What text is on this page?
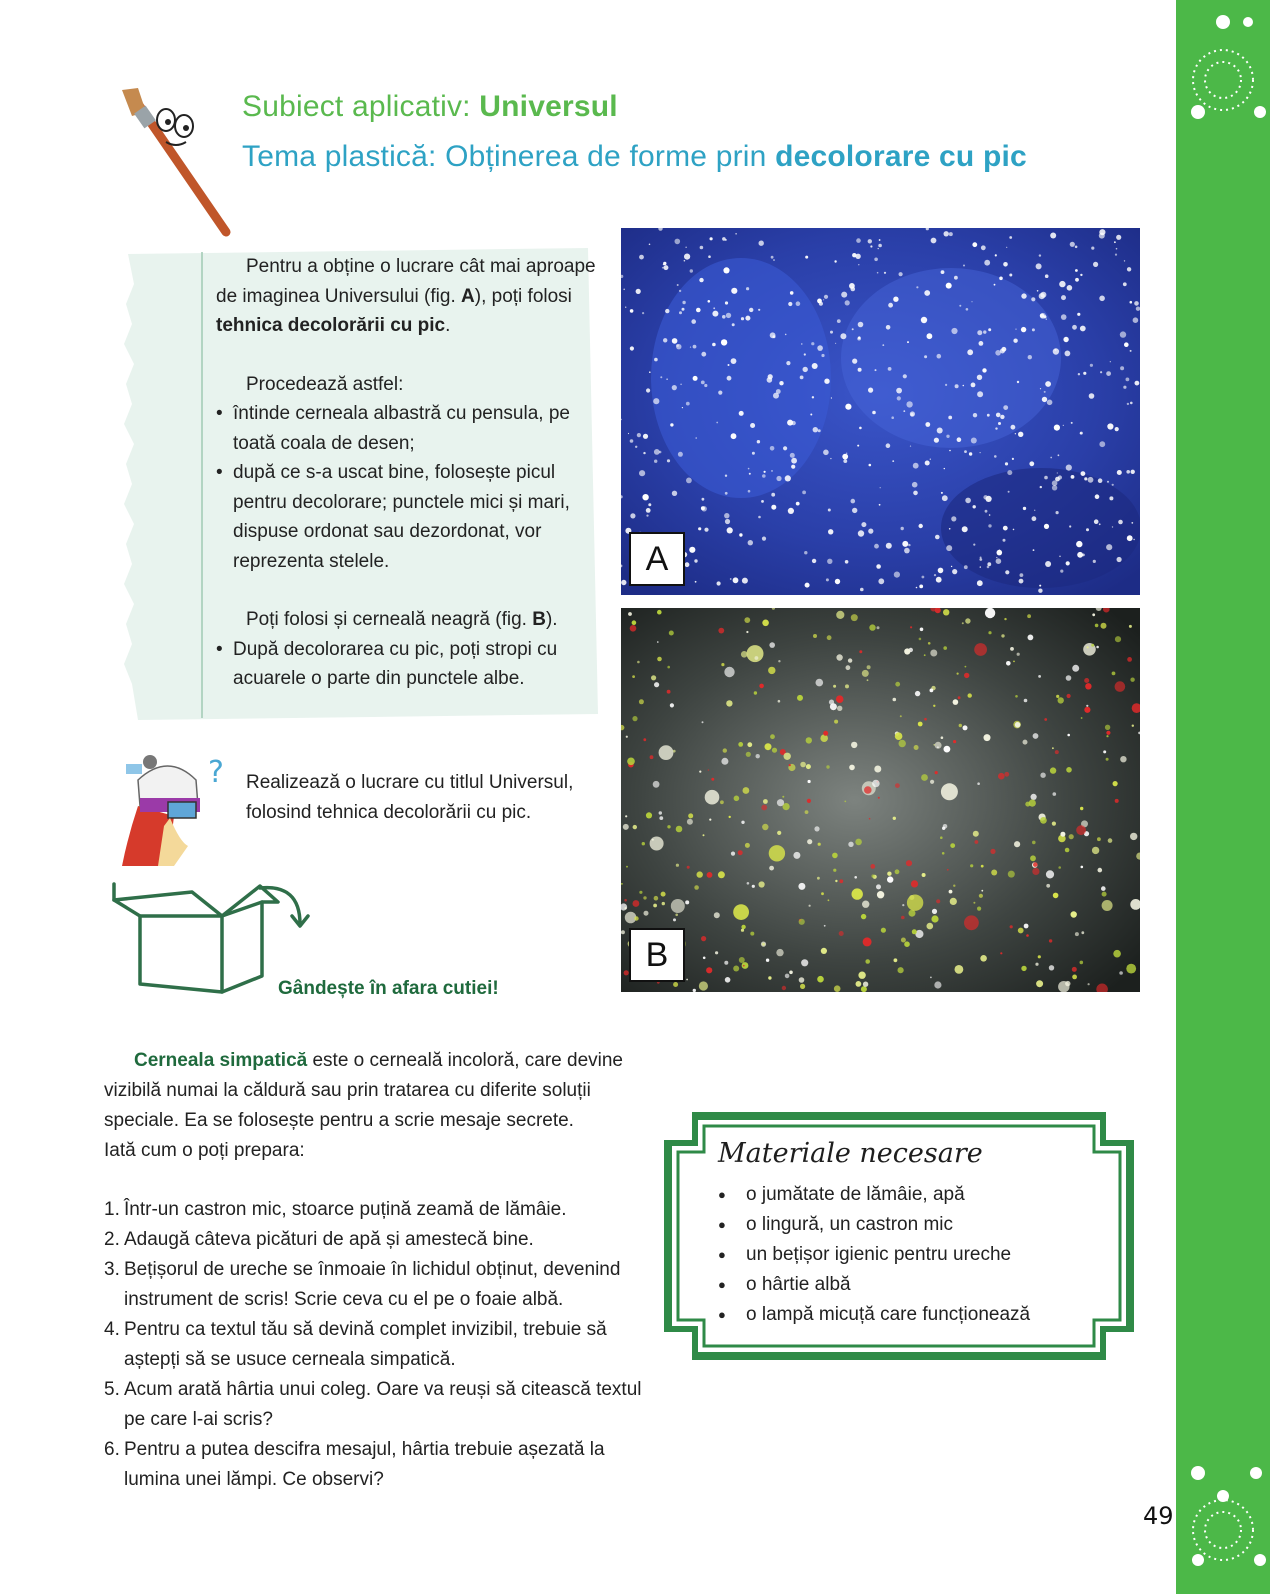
Subiect aplicativ: Universul
Tema plastică: Obținerea de forme prin decolorare cu pic

Pentru a obține o lucrare cât mai aproape de imaginea Universului (fig. A), poți folosi tehnica decolorării cu pic.

Procedează astfel:

• întinde cerneala albastră cu pensula, pe toată coala de desen;

• după ce s-a uscat bine, folosește picul pentru decolorare; punctele mici și mari, dispuse ordonat sau dezordonat, vor reprezenta stelele.

Poți folosi și cerneală neagră (fig. B).

• După decolorarea cu pic, poți stropi cu acuarele o parte din punctele albe.

A
B
? Realizează o lucrare cu titlul Universul, folosind tehnica decolorării cu pic.
Gândește în afara cutiei!

Cerneala simpatică este o cerneală incoloră, care devine vizibilă numai la căldură sau prin tratarea cu diferite soluții speciale. Ea se folosește pentru a scrie mesaje secrete.

Iată cum o poți prepara:

1. Într-un castron mic, stoarce puțină zeamă de lămâie.
2. Adaugă câteva picături de apă și amestecă bine.
3. Bețișorul de ureche se înmoaie în lichidul obținut, devenind instrument de scris! Scrie ceva cu el pe o foaie albă.
4. Pentru ca textul tău să devină complet invizibil, trebuie să aștepți să se usuce cerneala simpatică.
5. Acum arată hârtia unui coleg. Oare va reuși să citească textul pe care l-ai scris?
6. Pentru a putea descifra mesajul, hârtia trebuie așezată la lumina unei lămpi. Ce observi?
Materiale necesare
● o jumătate de lămâie, apă
● o lingură, un castron mic
● un bețișor igienic pentru ureche
● o hârtie albă
● o lampă micuță care funcționează
49
